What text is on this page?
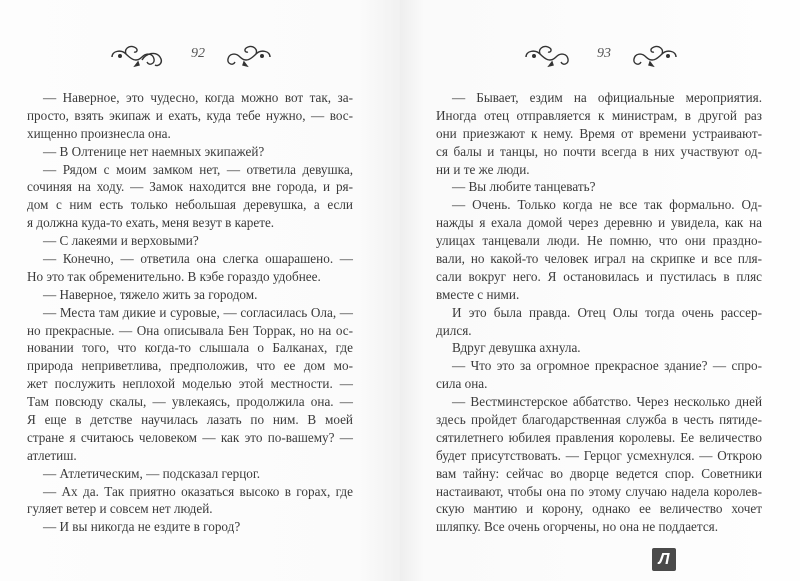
92
— Наверное, это чудесно, когда можно вот так, за-
просто, взять экипаж и ехать, куда тебе нужно, — вос-
хищенно произнесла она.
— В Олтенице нет наемных экипажей?
— Рядом с моим замком нет, — ответила девушка,
сочиняя на ходу. — Замок находится вне города, и ря-
дом с ним есть только небольшая деревушка, а если
я должна куда-то ехать, меня везут в карете.
— С лакеями и верховыми?
— Конечно, — ответила она слегка ошарашено. —
Но это так обременительно. В кэбе гораздо удобнее.
— Наверное, тяжело жить за городом.
— Места там дикие и суровые, — согласилась Ола, —
но прекрасные. — Она описывала Бен Торрак, но на ос-
новании того, что когда-то слышала о Балканах, где
природа неприветлива, предположив, что ее дом мо-
жет послужить неплохой моделью этой местности. —
Там повсюду скалы, — увлекаясь, продолжила она. —
Я еще в детстве научилась лазать по ним. В моей
стране я считаюсь человеком — как это по-вашему? —
атлетиш.
— Атлетическим, — подсказал герцог.
— Ах да. Так приятно оказаться высоко в горах, где
гуляет ветер и совсем нет людей.
— И вы никогда не ездите в город?
93
— Бывает, ездим на официальные мероприятия.
Иногда отец отправляется к министрам, в другой раз
они приезжают к нему. Время от времени устраивают-
ся балы и танцы, но почти всегда в них участвуют од-
ни и те же люди.
— Вы любите танцевать?
— Очень. Только когда не все так формально. Од-
нажды я ехала домой через деревню и увидела, как на
улицах танцевали люди. Не помню, что они праздно-
вали, но какой-то человек играл на скрипке и все пля-
сали вокруг него. Я остановилась и пустилась в пляс
вместе с ними.
И это была правда. Отец Олы тогда очень рассер-
дился.
Вдруг девушка ахнула.
— Что это за огромное прекрасное здание? — спро-
сила она.
— Вестминстерское аббатство. Через несколько дней
здесь пройдет благодарственная служба в честь пятиде-
сятилетнего юбилея правления королевы. Ее величество
будет присутствовать. — Герцог усмехнулся. — Открою
вам тайну: сейчас во дворце ведется спор. Советники
настаивают, чтобы она по этому случаю надела королев-
скую мантию и корону, однако ее величество хочет
шляпку. Все очень огорчены, но она не поддается.
Л
